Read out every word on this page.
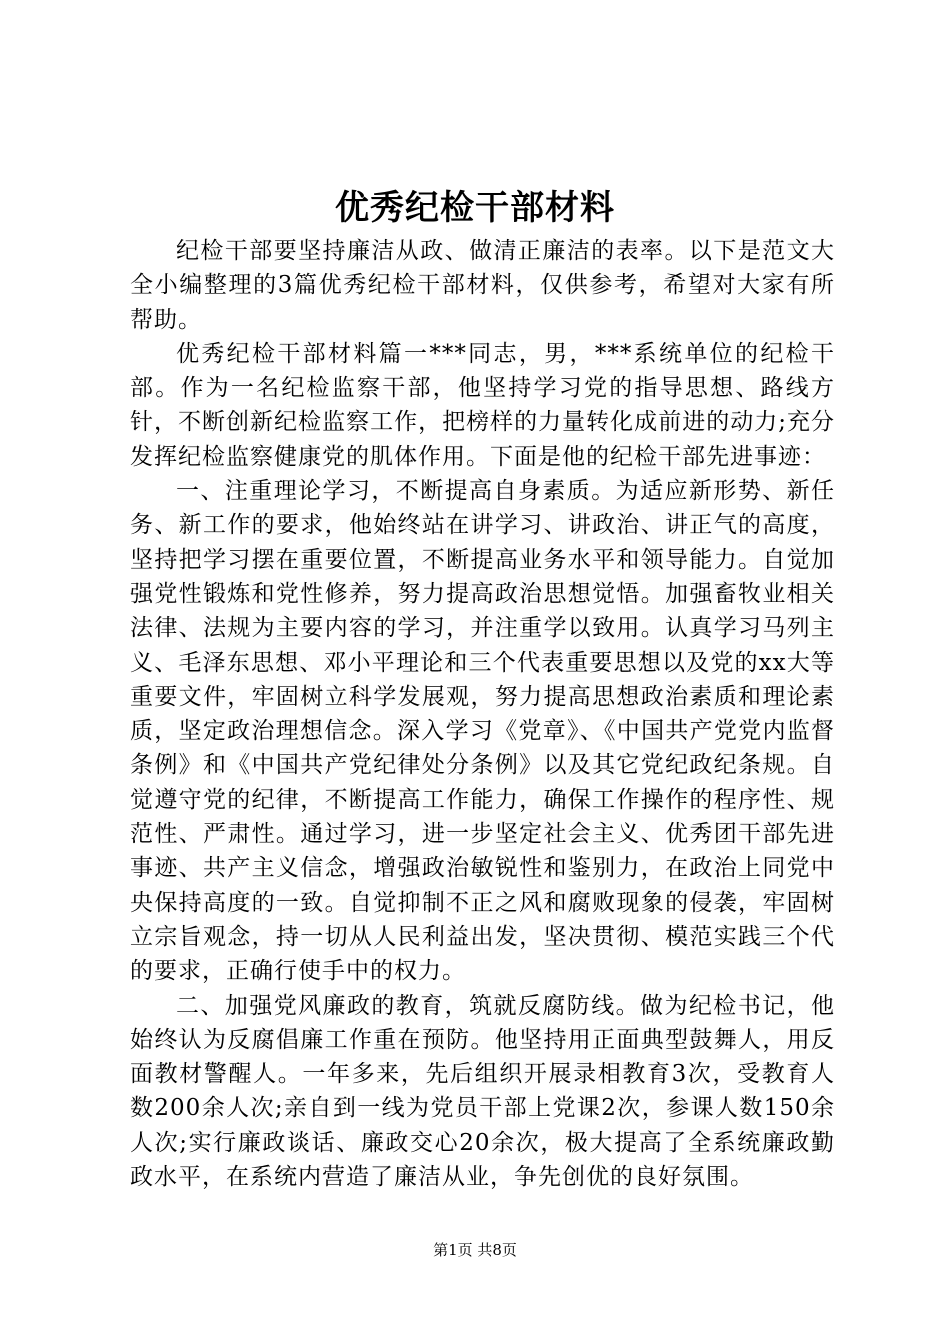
优秀纪检干部材料

纪检干部要坚持廉洁从政、做清正廉洁的表率。以下是范文大全小编整理的3篇优秀纪检干部材料，仅供参考，希望对大家有所帮助。

优秀纪检干部材料篇一***同志，男，***系统单位的纪检干部。作为一名纪检监察干部，他坚持学习党的指导思想、路线方针，不断创新纪检监察工作，把榜样的力量转化成前进的动力;充分发挥纪检监察健康党的肌体作用。下面是他的纪检干部先进事迹：

一、注重理论学习，不断提高自身素质。为适应新形势、新任务、新工作的要求，他始终站在讲学习、讲政治、讲正气的高度，坚持把学习摆在重要位置，不断提高业务水平和领导能力。自觉加强党性锻炼和党性修养，努力提高政治思想觉悟。加强畜牧业相关法律、法规为主要内容的学习，并注重学以致用。认真学习马列主义、毛泽东思想、邓小平理论和三个代表重要思想以及党的xx大等重要文件，牢固树立科学发展观，努力提高思想政治素质和理论素质，坚定政治理想信念。深入学习《党章》、《中国共产党党内监督条例》和《中国共产党纪律处分条例》以及其它党纪政纪条规。自觉遵守党的纪律，不断提高工作能力，确保工作操作的程序性、规范性、严肃性。通过学习，进一步坚定社会主义、优秀团干部先进事迹、共产主义信念，增强政治敏锐性和鉴别力，在政治上同党中央保持高度的一致。自觉抑制不正之风和腐败现象的侵袭，牢固树立宗旨观念，持一切从人民利益出发，坚决贯彻、模范实践三个代的要求，正确行使手中的权力。

二、加强党风廉政的教育，筑就反腐防线。做为纪检书记，他始终认为反腐倡廉工作重在预防。他坚持用正面典型鼓舞人，用反面教材警醒人。一年多来，先后组织开展录相教育3次，受教育人数200余人次;亲自到一线为党员干部上党课2次，参课人数150余人次;实行廉政谈话、廉政交心20余次，极大提高了全系统廉政勤政水平，在系统内营造了廉洁从业，争先创优的良好氛围。

第1页 共8页
